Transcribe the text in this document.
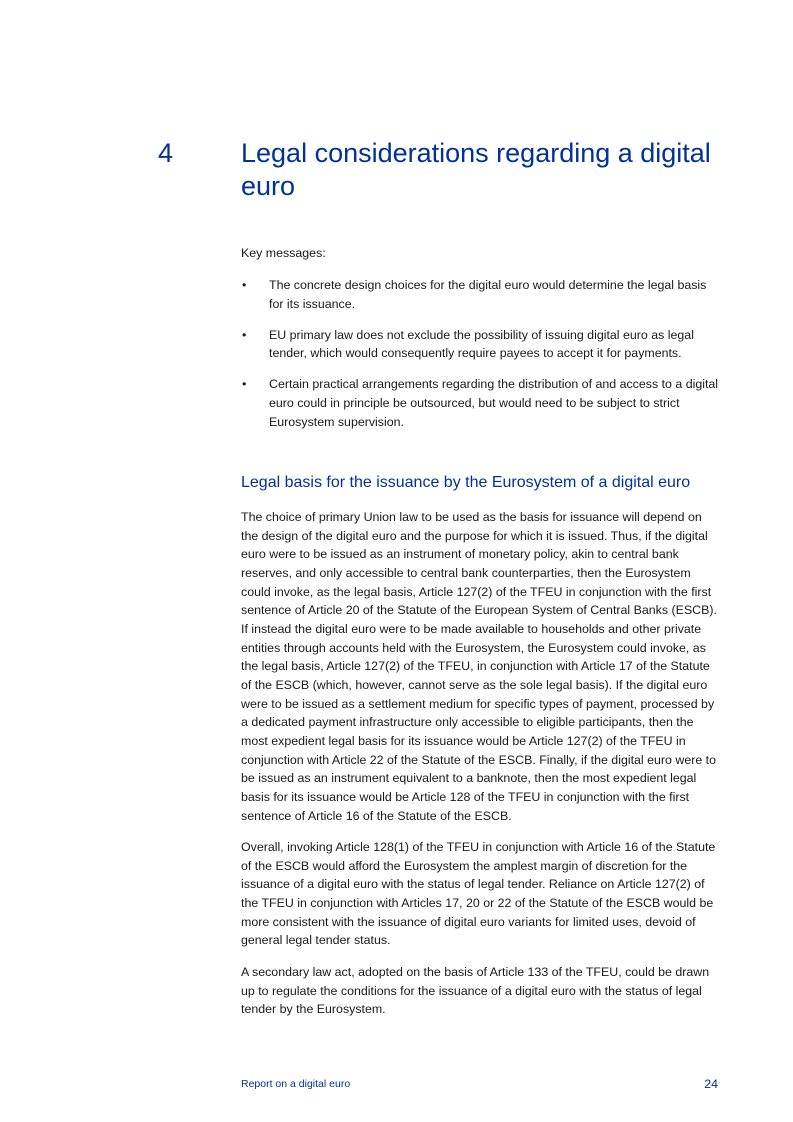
4	Legal considerations regarding a digital euro

Key messages:

• The concrete design choices for the digital euro would determine the legal basis for its issuance.
• EU primary law does not exclude the possibility of issuing digital euro as legal tender, which would consequently require payees to accept it for payments.
• Certain practical arrangements regarding the distribution of and access to a digital euro could in principle be outsourced, but would need to be subject to strict Eurosystem supervision.
Legal basis for the issuance by the Eurosystem of a digital euro

The choice of primary Union law to be used as the basis for issuance will depend on the design of the digital euro and the purpose for which it is issued. Thus, if the digital euro were to be issued as an instrument of monetary policy, akin to central bank reserves, and only accessible to central bank counterparties, then the Eurosystem could invoke, as the legal basis, Article 127(2) of the TFEU in conjunction with the first sentence of Article 20 of the Statute of the European System of Central Banks (ESCB). If instead the digital euro were to be made available to households and other private entities through accounts held with the Eurosystem, the Eurosystem could invoke, as the legal basis, Article 127(2) of the TFEU, in conjunction with Article 17 of the Statute of the ESCB (which, however, cannot serve as the sole legal basis). If the digital euro were to be issued as a settlement medium for specific types of payment, processed by a dedicated payment infrastructure only accessible to eligible participants, then the most expedient legal basis for its issuance would be Article 127(2) of the TFEU in conjunction with Article 22 of the Statute of the ESCB. Finally, if the digital euro were to be issued as an instrument equivalent to a banknote, then the most expedient legal basis for its issuance would be Article 128 of the TFEU in conjunction with the first sentence of Article 16 of the Statute of the ESCB.

Overall, invoking Article 128(1) of the TFEU in conjunction with Article 16 of the Statute of the ESCB would afford the Eurosystem the amplest margin of discretion for the issuance of a digital euro with the status of legal tender. Reliance on Article 127(2) of the TFEU in conjunction with Articles 17, 20 or 22 of the Statute of the ESCB would be more consistent with the issuance of digital euro variants for limited uses, devoid of general legal tender status.

A secondary law act, adopted on the basis of Article 133 of the TFEU, could be drawn up to regulate the conditions for the issuance of a digital euro with the status of legal tender by the Eurosystem.

Report on a digital euro	24
